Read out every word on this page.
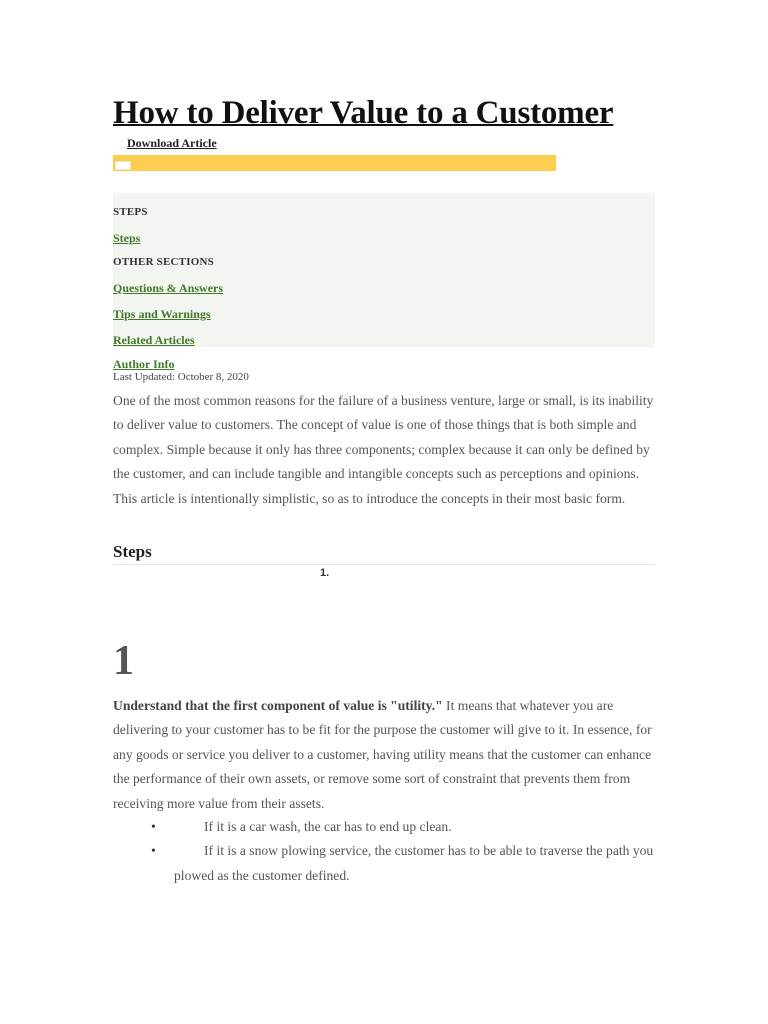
How to Deliver Value to a Customer
Download Article
STEPS
Steps
OTHER SECTIONS
Questions & Answers
Tips and Warnings
Related Articles
Author Info
Last Updated: October 8, 2020

One of the most common reasons for the failure of a business venture, large or small, is its inability to deliver value to customers. The concept of value is one of those things that is both simple and complex. Simple because it only has three components; complex because it can only be defined by the customer, and can include tangible and intangible concepts such as perceptions and opinions. This article is intentionally simplistic, so as to introduce the concepts in their most basic form.

Steps
1.
1

Understand that the first component of value is "utility." It means that whatever you are delivering to your customer has to be fit for the purpose the customer will give to it. In essence, for any goods or service you deliver to a customer, having utility means that the customer can enhance the performance of their own assets, or remove some sort of constraint that prevents them from receiving more value from their assets.

•	If it is a car wash, the car has to end up clean.
•	If it is a snow plowing service, the customer has to be able to traverse the path you plowed as the customer defined.
